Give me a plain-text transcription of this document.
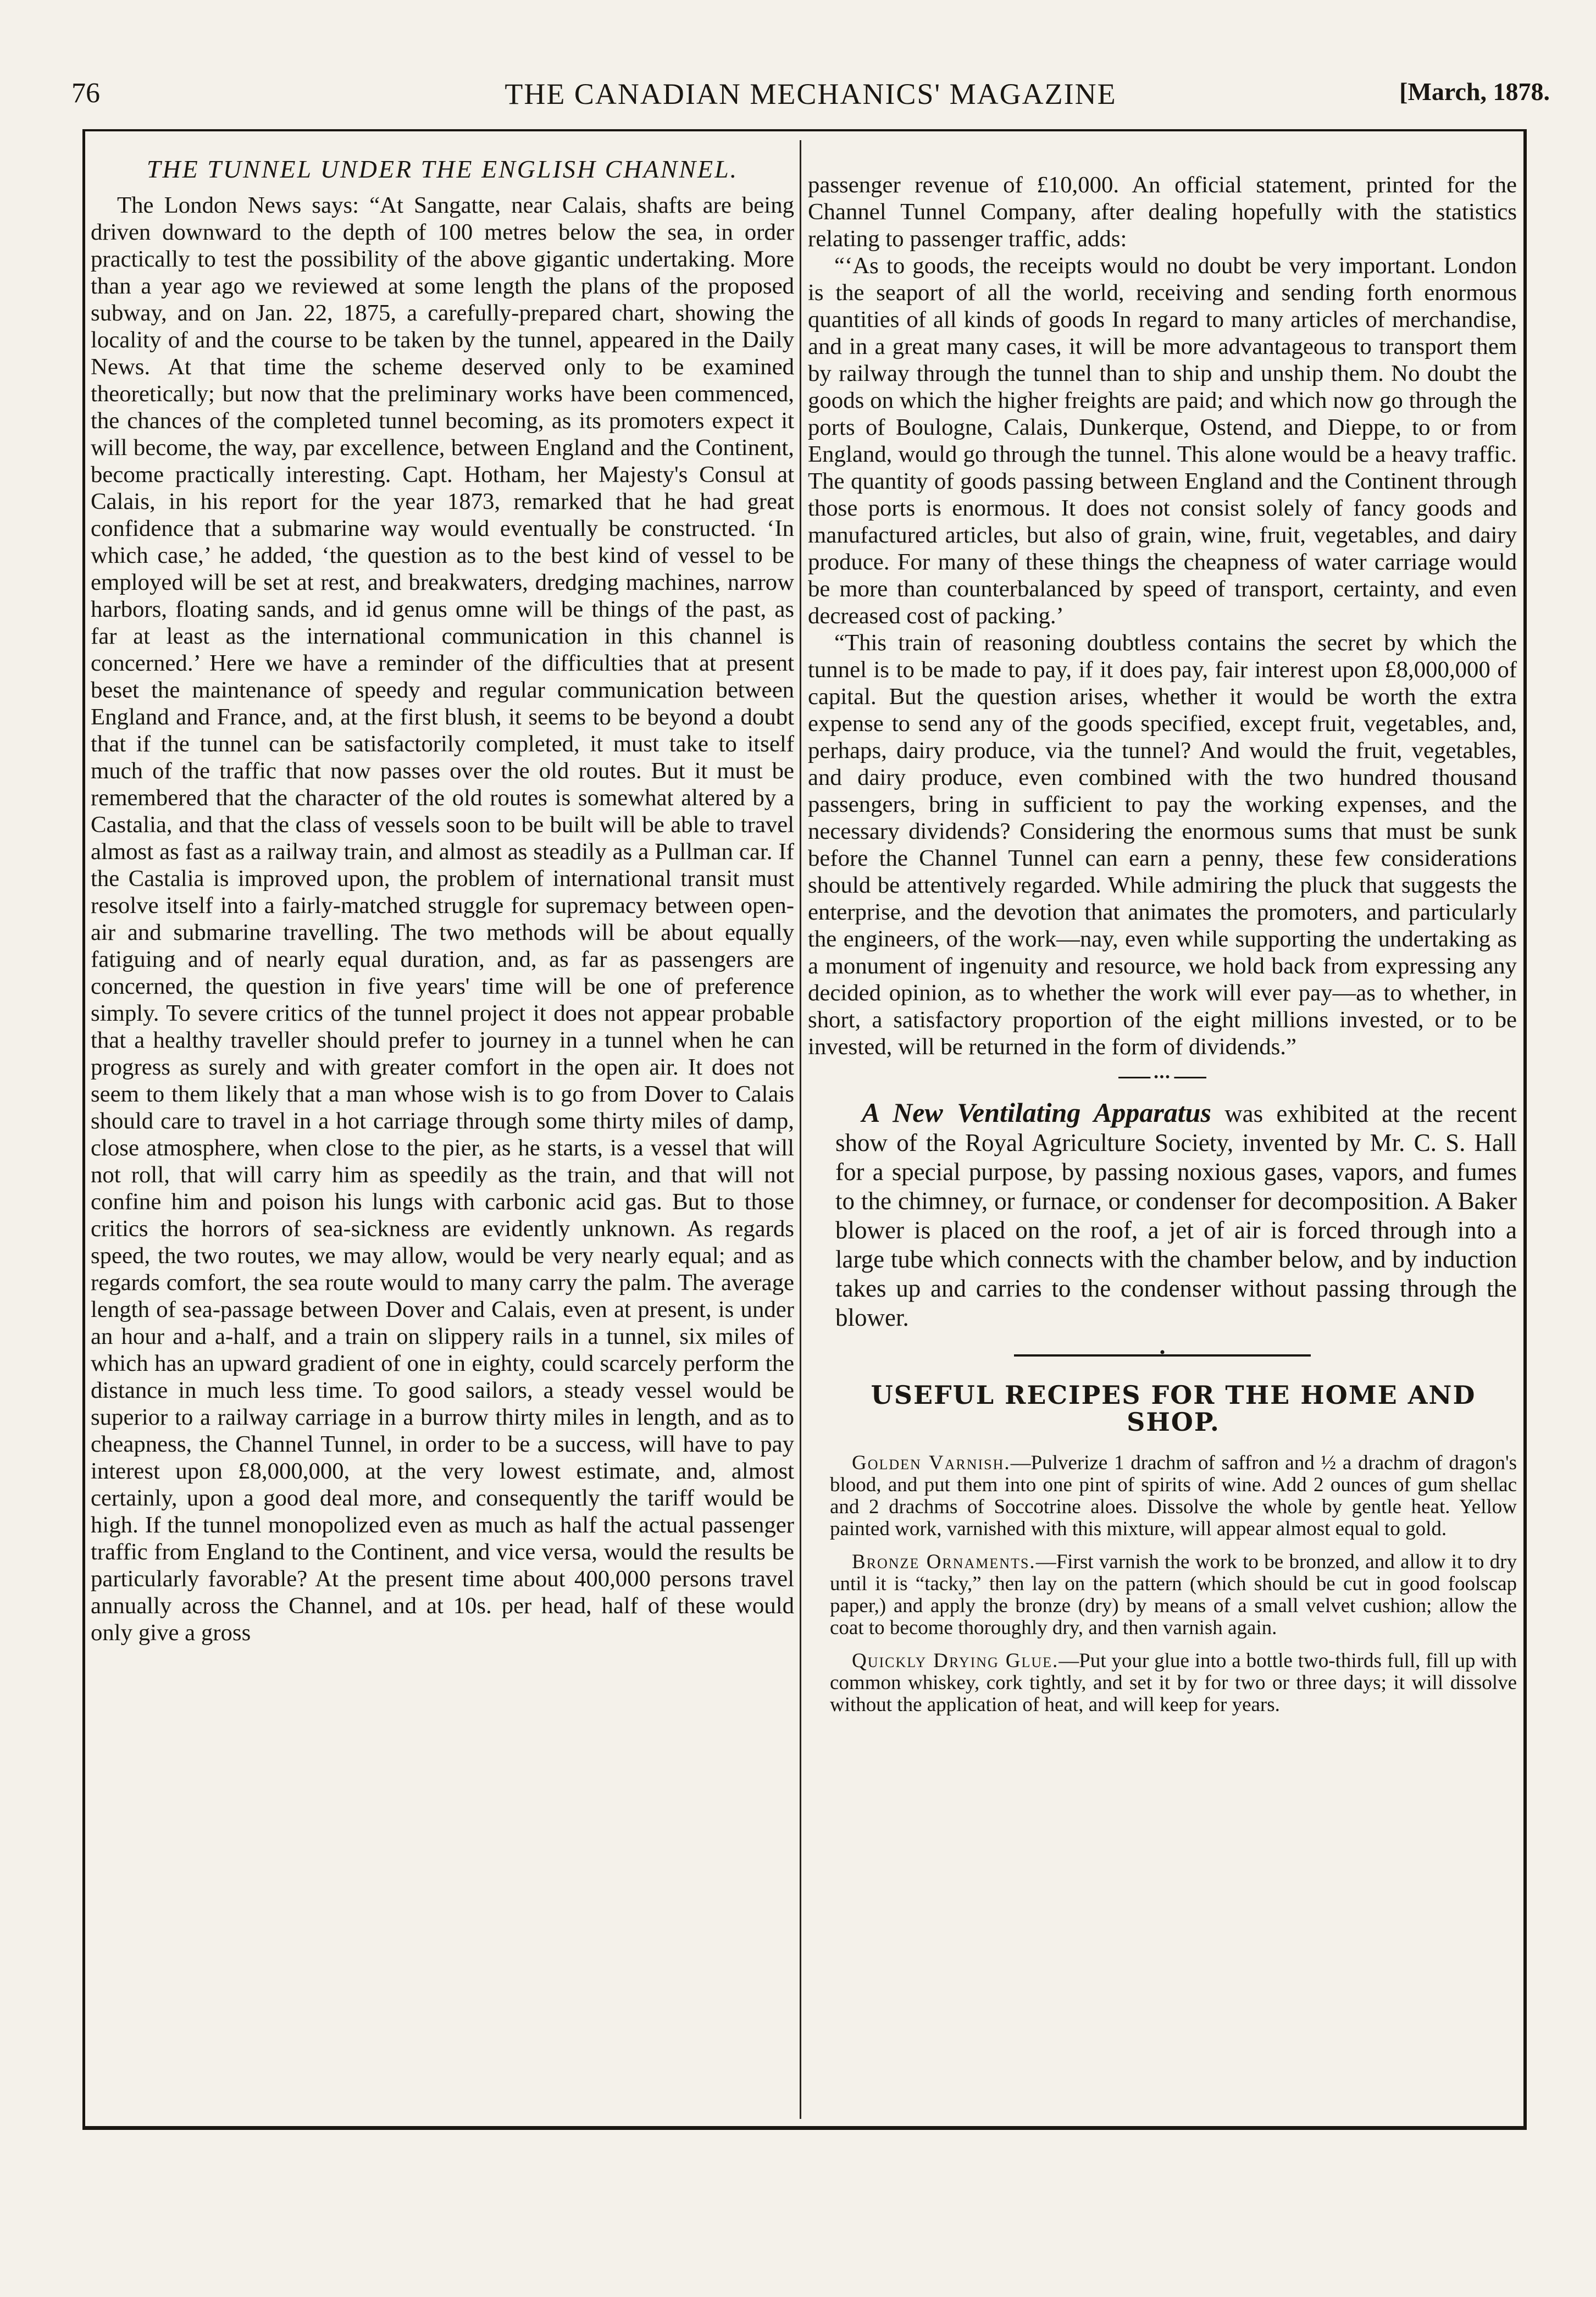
76	THE CANADIAN MECHANICS' MAGAZINE	[March, 1878.
THE TUNNEL UNDER THE ENGLISH CHANNEL.

The London News says: “At Sangatte, near Calais, shafts are being driven downward to the depth of 100 metres below the sea, in order practically to test the possibility of the above gigantic undertaking. More than a year ago we reviewed at some length the plans of the proposed subway, and on Jan. 22, 1875, a carefully-prepared chart, showing the locality of and the course to be taken by the tunnel, appeared in the Daily News. At that time the scheme deserved only to be examined theoretically; but now that the preliminary works have been commenced, the chances of the completed tunnel becoming, as its promoters expect it will become, the way, par excellence, between England and the Continent, become practically interesting. Capt. Hotham, her Majesty's Consul at Calais, in his report for the year 1873, remarked that he had great confidence that a submarine way would eventually be constructed. ‘In which case,’ he added, ‘the question as to the best kind of vessel to be employed will be set at rest, and breakwaters, dredging machines, narrow harbors, floating sands, and id genus omne will be things of the past, as far at least as the international communication in this channel is concerned.’ Here we have a reminder of the difficulties that at present beset the maintenance of speedy and regular communication between England and France, and, at the first blush, it seems to be beyond a doubt that if the tunnel can be satisfactorily completed, it must take to itself much of the traffic that now passes over the old routes. But it must be remembered that the character of the old routes is somewhat altered by a Castalia, and that the class of vessels soon to be built will be able to travel almost as fast as a railway train, and almost as steadily as a Pullman car. If the Castalia is improved upon, the problem of international transit must resolve itself into a fairly-matched struggle for supremacy between open-air and submarine travelling. The two methods will be about equally fatiguing and of nearly equal duration, and, as far as passengers are concerned, the question in five years' time will be one of preference simply. To severe critics of the tunnel project it does not appear probable that a healthy traveller should prefer to journey in a tunnel when he can progress as surely and with greater comfort in the open air. It does not seem to them likely that a man whose wish is to go from Dover to Calais should care to travel in a hot carriage through some thirty miles of damp, close atmosphere, when close to the pier, as he starts, is a vessel that will not roll, that will carry him as speedily as the train, and that will not confine him and poison his lungs with carbonic acid gas. But to those critics the horrors of sea-sickness are evidently unknown. As regards speed, the two routes, we may allow, would be very nearly equal; and as regards comfort, the sea route would to many carry the palm. The average length of sea-passage between Dover and Calais, even at present, is under an hour and a-half, and a train on slippery rails in a tunnel, six miles of which has an upward gradient of one in eighty, could scarcely perform the distance in much less time. To good sailors, a steady vessel would be superior to a railway carriage in a burrow thirty miles in length, and as to cheapness, the Channel Tunnel, in order to be a success, will have to pay interest upon £8,000,000, at the very lowest estimate, and, almost certainly, upon a good deal more, and consequently the tariff would be high. If the tunnel monopolized even as much as half the actual passenger traffic from England to the Continent, and vice versa, would the results be particularly favorable? At the present time about 400,000 persons travel annually across the Channel, and at 10s. per head, half of these would only give a gross

passenger revenue of £10,000. An official statement, printed for the Channel Tunnel Company, after dealing hopefully with the statistics relating to passenger traffic, adds:

“‘As to goods, the receipts would no doubt be very important. London is the seaport of all the world, receiving and sending forth enormous quantities of all kinds of goods In regard to many articles of merchandise, and in a great many cases, it will be more advantageous to transport them by railway through the tunnel than to ship and unship them. No doubt the goods on which the higher freights are paid; and which now go through the ports of Boulogne, Calais, Dunkerque, Ostend, and Dieppe, to or from England, would go through the tunnel. This alone would be a heavy traffic. The quantity of goods passing between England and the Continent through those ports is enormous. It does not consist solely of fancy goods and manufactured articles, but also of grain, wine, fruit, vegetables, and dairy produce. For many of these things the cheapness of water carriage would be more than counterbalanced by speed of transport, certainty, and even decreased cost of packing.’

“This train of reasoning doubtless contains the secret by which the tunnel is to be made to pay, if it does pay, fair interest upon £8,000,000 of capital. But the question arises, whether it would be worth the extra expense to send any of the goods specified, except fruit, vegetables, and, perhaps, dairy produce, via the tunnel? And would the fruit, vegetables, and dairy produce, even combined with the two hundred thousand passengers, bring in sufficient to pay the working expenses, and the necessary dividends? Considering the enormous sums that must be sunk before the Channel Tunnel can earn a penny, these few considerations should be attentively regarded. While admiring the pluck that suggests the enterprise, and the devotion that animates the promoters, and particularly the engineers, of the work—nay, even while supporting the undertaking as a monument of ingenuity and resource, we hold back from expressing any decided opinion, as to whether the work will ever pay—as to whether, in short, a satisfactory proportion of the eight millions invested, or to be invested, will be returned in the form of dividends.”

•••

A New Ventilating Apparatus was exhibited at the recent show of the Royal Agriculture Society, invented by Mr. C. S. Hall for a special purpose, by passing noxious gases, vapors, and fumes to the chimney, or furnace, or condenser for decomposition. A Baker blower is placed on the roof, a jet of air is forced through into a large tube which connects with the chamber below, and by induction takes up and carries to the condenser without passing through the blower.

•
USEFUL RECIPES FOR THE HOME AND SHOP.

Golden Varnish.—Pulverize 1 drachm of saffron and ½ a drachm of dragon's blood, and put them into one pint of spirits of wine. Add 2 ounces of gum shellac and 2 drachms of Soccotrine aloes. Dissolve the whole by gentle heat. Yellow painted work, varnished with this mixture, will appear almost equal to gold.

Bronze Ornaments.—First varnish the work to be bronzed, and allow it to dry until it is “tacky,” then lay on the pattern (which should be cut in good foolscap paper,) and apply the bronze (dry) by means of a small velvet cushion; allow the coat to become thoroughly dry, and then varnish again.

Quickly Drying Glue.—Put your glue into a bottle two-thirds full, fill up with common whiskey, cork tightly, and set it by for two or three days; it will dissolve without the application of heat, and will keep for years.
